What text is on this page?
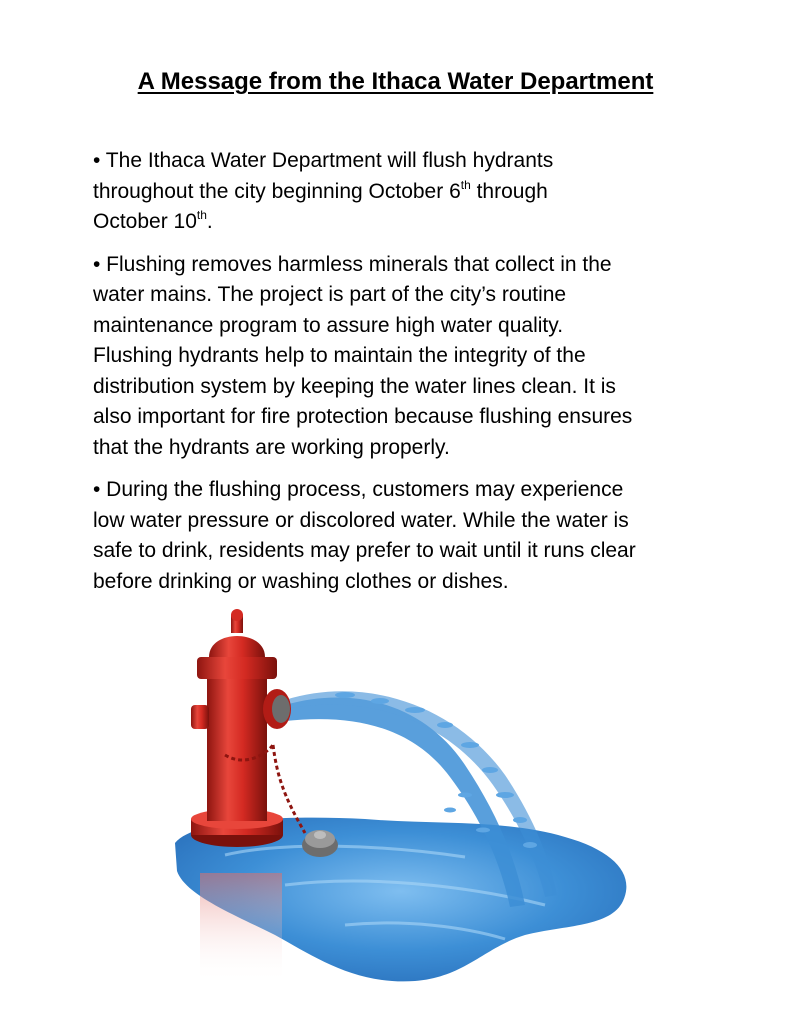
A Message from the Ithaca Water Department

• The Ithaca Water Department will flush hydrants
throughout the city beginning October 6th through
October 10th.

• Flushing removes harmless minerals that collect in the
water mains. The project is part of the city’s routine
maintenance program to assure high water quality.
Flushing hydrants help to maintain the integrity of the
distribution system by keeping the water lines clean. It is
also important for fire protection because flushing ensures
that the hydrants are working properly.

• During the flushing process, customers may experience
low water pressure or discolored water. While the water is
safe to drink, residents may prefer to wait until it runs clear
before drinking or washing clothes or dishes.
